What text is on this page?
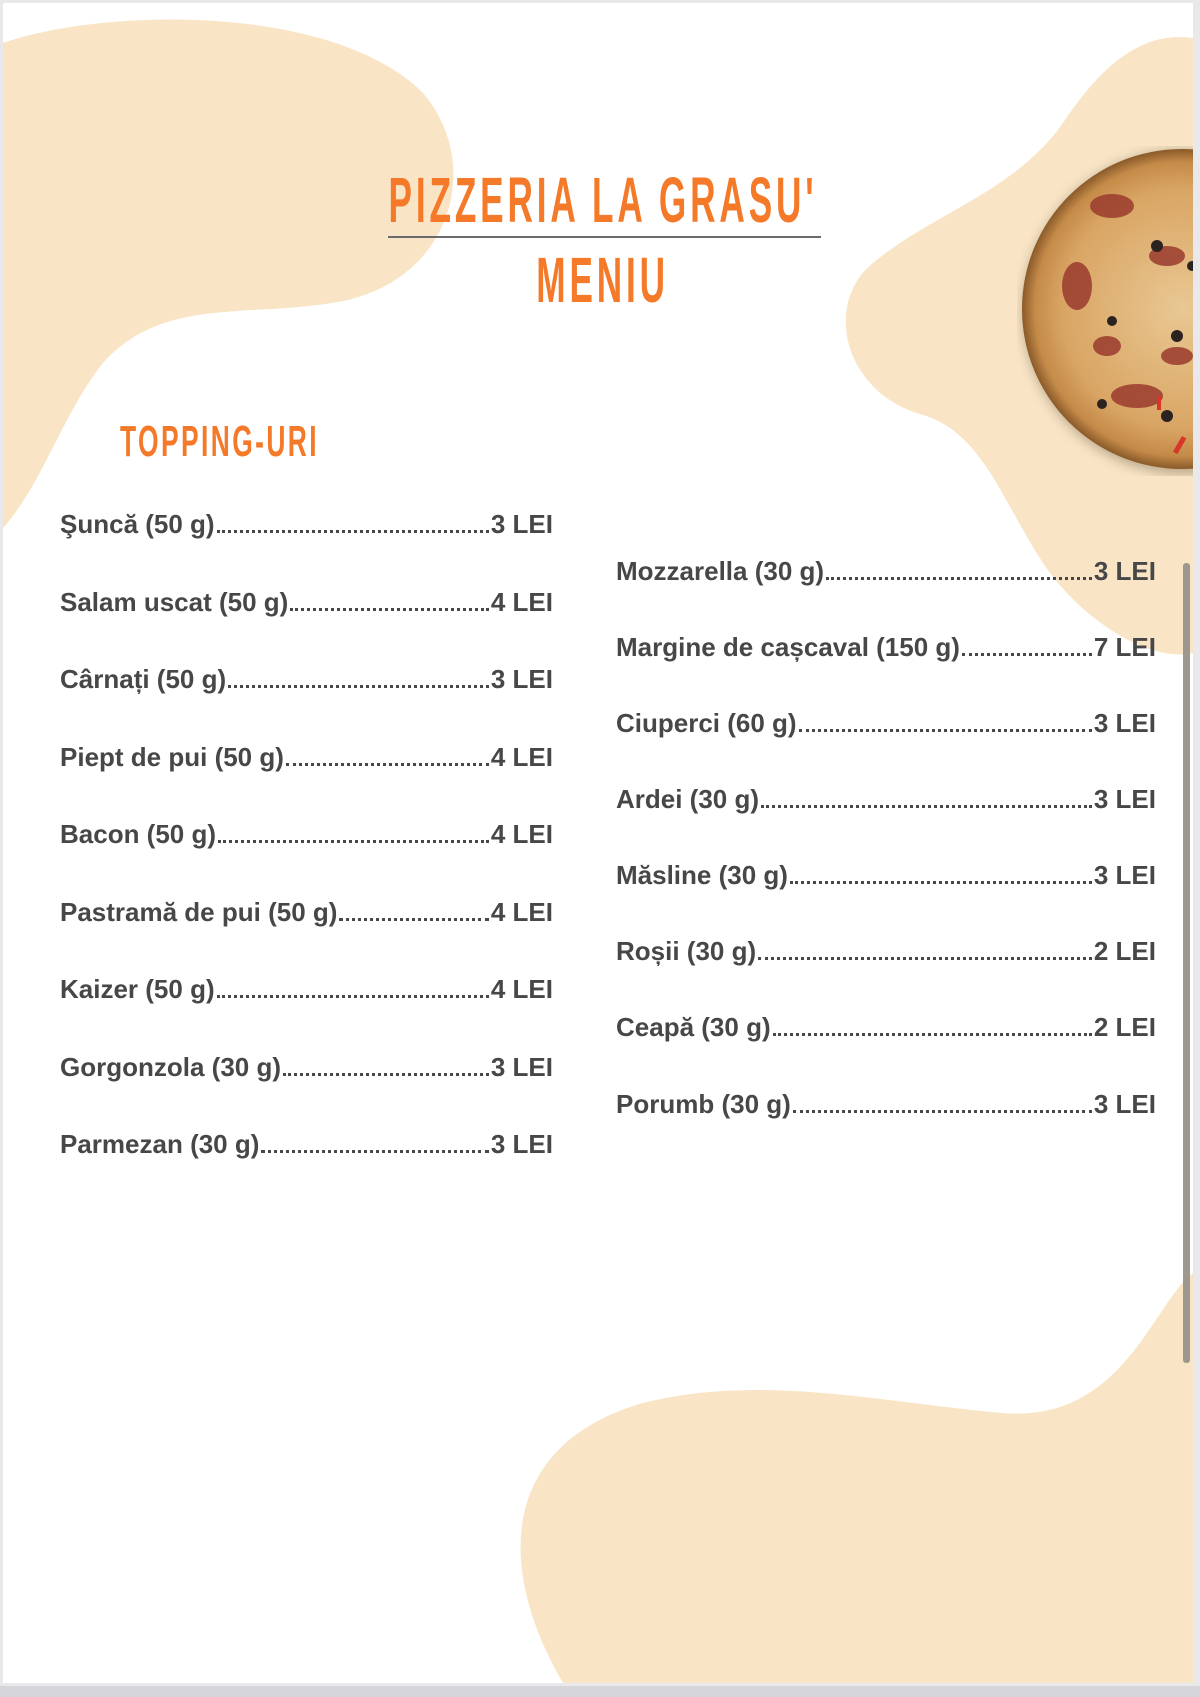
PIZZERIA LA GRASU'
MENIU
TOPPING-URI
Şuncă (50 g)	3 LEI
Salam uscat (50 g)	4 LEI
Cârnați (50 g)	3 LEI
Piept de pui (50 g)	4 LEI
Bacon (50 g)	4 LEI
Pastramă de pui (50 g)	4 LEI
Kaizer (50 g)	4 LEI
Gorgonzola (30 g)	3 LEI
Parmezan (30 g)	3 LEI
Mozzarella (30 g)	3 LEI
Margine de cașcaval (150 g)	7 LEI
Ciuperci (60 g)	3 LEI
Ardei (30 g)	3 LEI
Măsline (30 g)	3 LEI
Roșii (30 g)	2 LEI
Ceapă (30 g)	2 LEI
Porumb (30 g)	3 LEI
